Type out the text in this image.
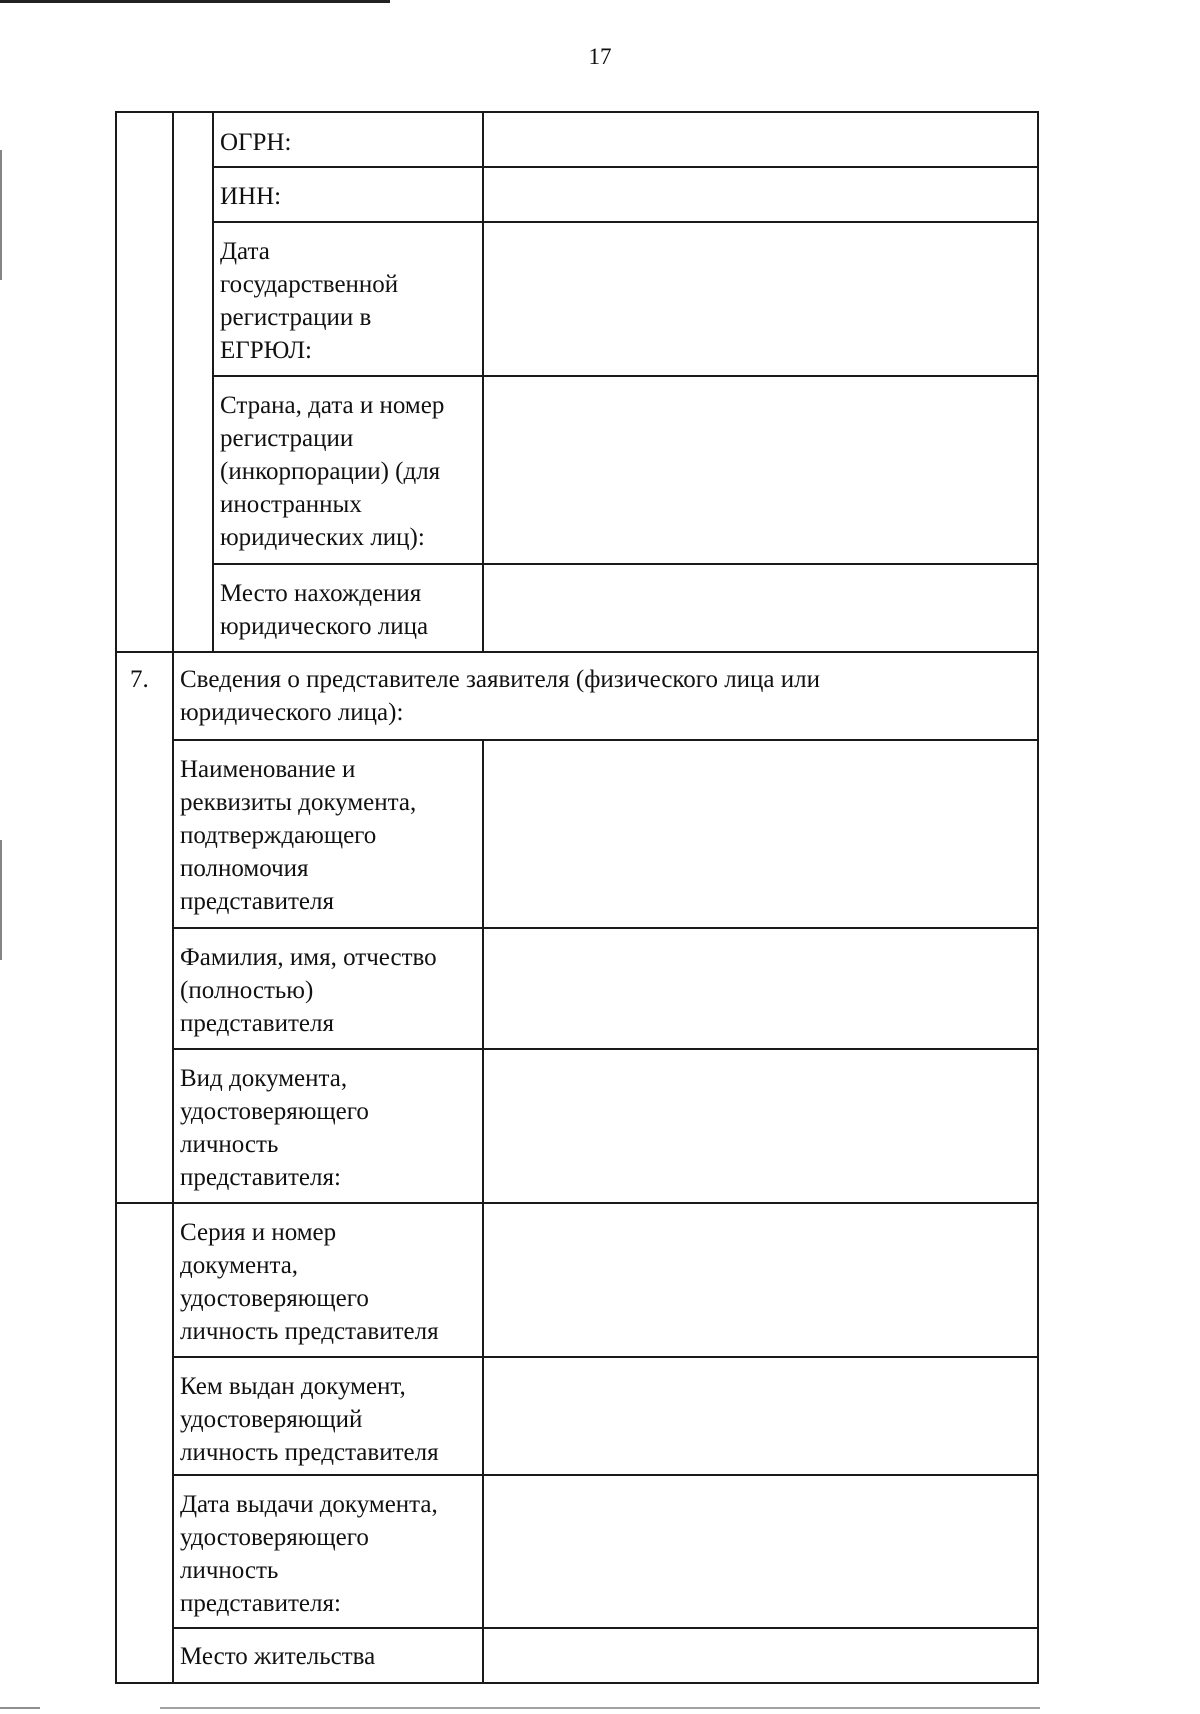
17
ОГРН:
ИНН:
Дата
государственной
регистрации в
ЕГРЮЛ:
Страна, дата и номер
регистрации
(инкорпорации) (для
иностранных
юридических лиц):
Место нахождения
юридического лица
7.	Сведения о представителе заявителя (физического лица или
юридического лица):
Наименование и
реквизиты документа,
подтверждающего
полномочия
представителя
Фамилия, имя, отчество
(полностью)
представителя
Вид документа,
удостоверяющего
личность
представителя:
Серия и номер
документа,
удостоверяющего
личность представителя
Кем выдан документ,
удостоверяющий
личность представителя
Дата выдачи документа,
удостоверяющего
личность
представителя:
Место жительства
